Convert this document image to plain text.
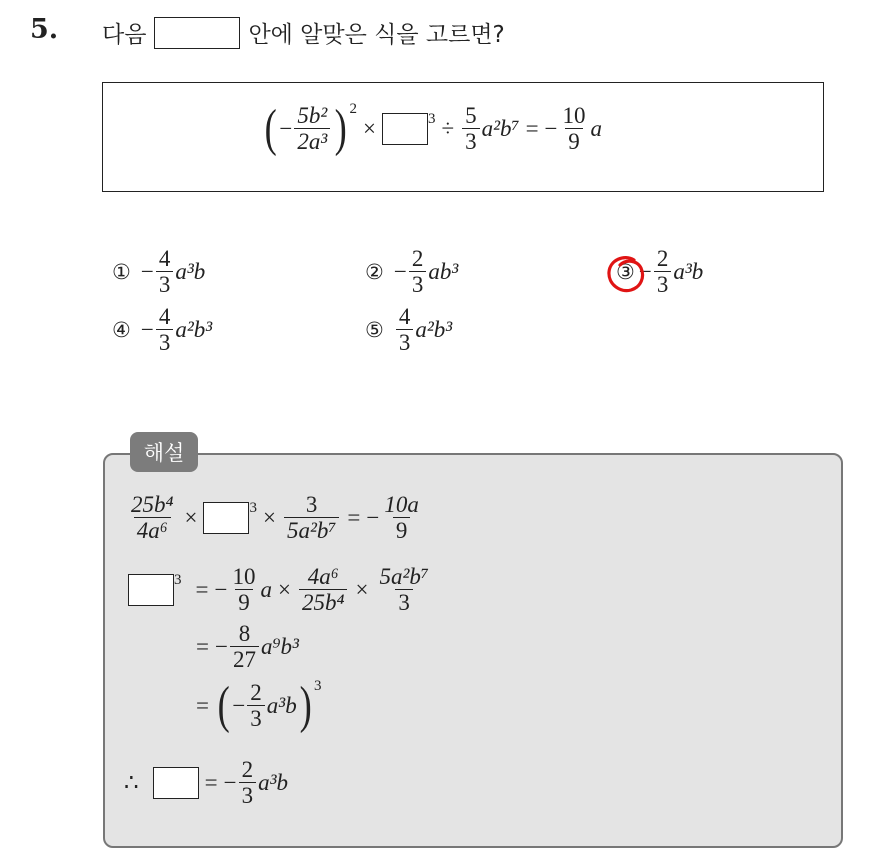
5. 다음	안에 알맞은 식을 고르면?
( − $\frac{\text{5b²}}{\text{2a³}} )^2$
×	$^3 \div \frac{5}{3} a^2b^7$ = − $\frac{10}{9}$ a
① − $\frac{4}{3} a^3b$	② − $\frac{2}{3} ab^3$	③ − $\frac{2}{3} a^3b$
④ − $\frac{4}{3} a^2b^3$	⑤ $\frac{4}{3} a^2b^3$
해설
$\frac{\text{25b⁴}}{\text{4a⁶}}$ ×	$^3 \times \frac{3}{\text{5a²b⁷}}$ = − $\frac{10a}{9}$
$^3$ = − $\frac{10}{9}$ $a \times \frac{\text{4a⁶}}{\text{25b⁴}} \times \frac{\text{5a²b⁷}}{3}$
= − $\frac{8}{27} a^9b^3$
= ( − $\frac{2}{3} a^3b$ )$^3$
∴	= − $\frac{2}{3} a^3b$
